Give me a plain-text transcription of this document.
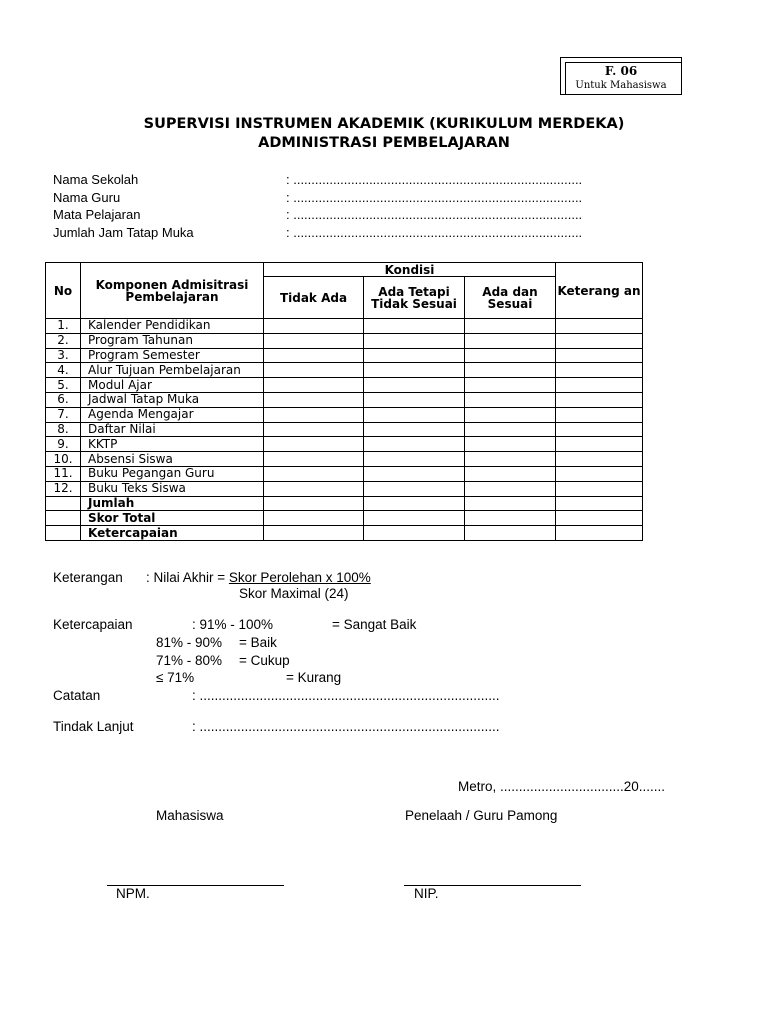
F. 06
Untuk Mahasiswa
SUPERVISI INSTRUMEN AKADEMIK (KURIKULUM MERDEKA)
ADMINISTRASI PEMBELAJARAN
Nama Sekolah	: ................................................................................
Nama Guru	: ................................................................................
Mata Pelajaran	: ................................................................................
Jumlah Jam Tatap Muka	: ................................................................................
No	Komponen Admisitrasi Pembelajaran	Kondisi			Keterang an
		Tidak Ada	Ada Tetapi Tidak Sesuai	Ada dan Sesuai	
1.	Kalender Pendidikan				
2.	Program Tahunan				
3.	Program Semester				
4.	Alur Tujuan Pembelajaran				
5.	Modul Ajar				
6.	Jadwal Tatap Muka				
7.	Agenda Mengajar				
8.	Daftar Nilai				
9.	KKTP				
10.	Absensi Siswa				
11.	Buku Pegangan Guru				
12.	Buku Teks Siswa				
	Jumlah				
	Skor Total				
	Ketercapaian				
Keterangan : Nilai Akhir = Skor Perolehan x 100%
Skor Maximal (24)
Ketercapaian	: 91% - 100%	= Sangat Baik
81% - 90% = Baik
71% - 80% = Cukup
≤ 71%	= Kurang
Catatan	: ................................................................................
Tindak Lanjut	: ................................................................................
Metro, .................................20.......
Mahasiswa	Penelaah / Guru Pamong
NPM.	NIP.
